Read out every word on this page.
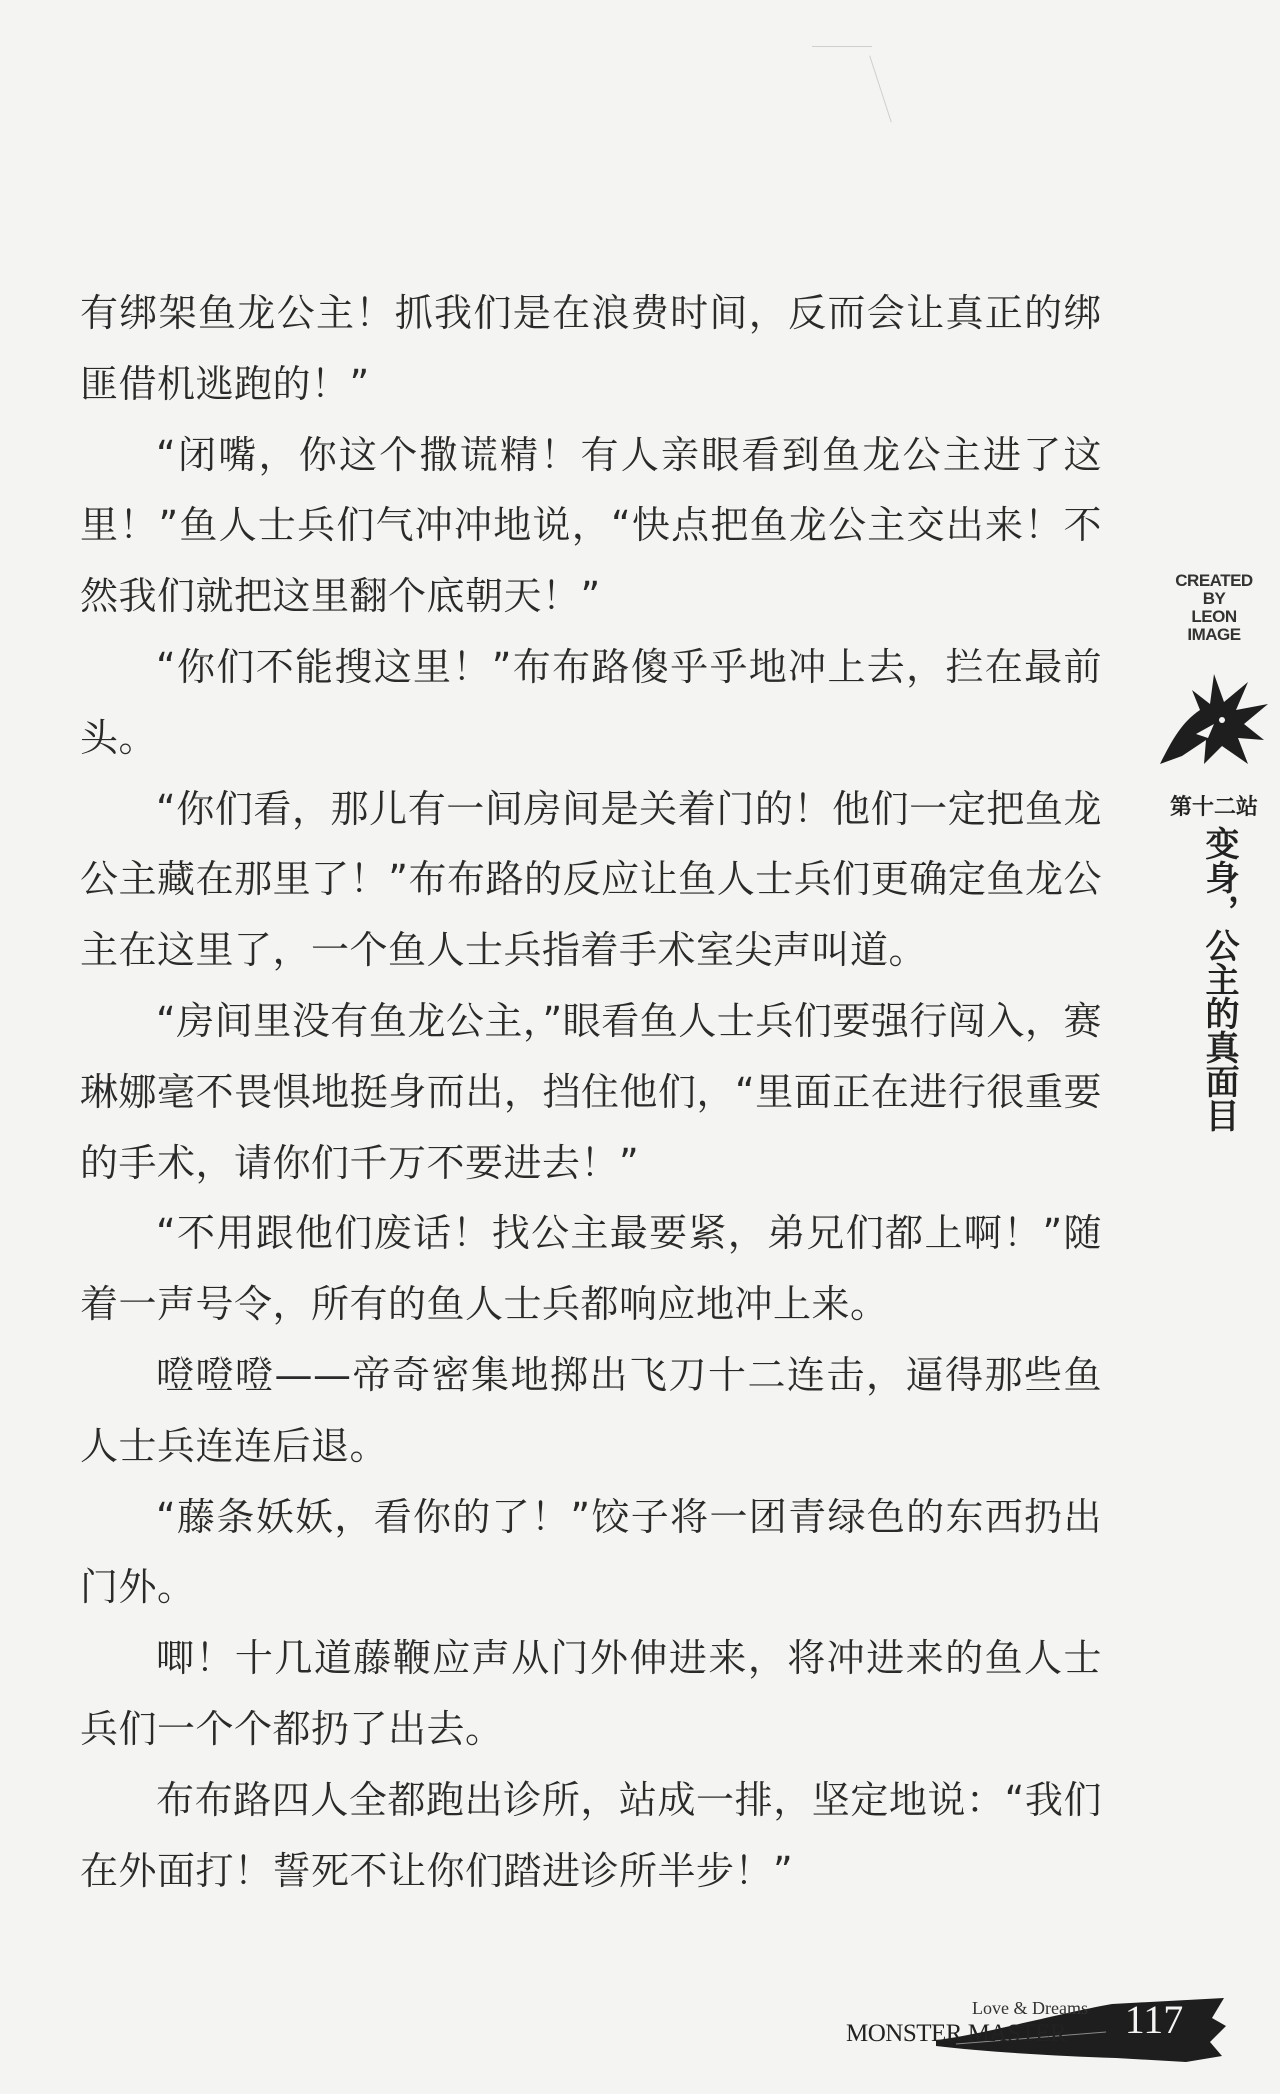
有绑架鱼龙公主！抓我们是在浪费时间，反而会让真正的绑匪借机逃跑的！”

“闭嘴，你这个撒谎精！有人亲眼看到鱼龙公主进了这里！”鱼人士兵们气冲冲地说，“快点把鱼龙公主交出来！不然我们就把这里翻个底朝天！”

“你们不能搜这里！”布布路傻乎乎地冲上去，拦在最前头。

“你们看，那儿有一间房间是关着门的！他们一定把鱼龙公主藏在那里了！”布布路的反应让鱼人士兵们更确定鱼龙公主在这里了，一个鱼人士兵指着手术室尖声叫道。

“房间里没有鱼龙公主，”眼看鱼人士兵们要强行闯入，赛琳娜毫不畏惧地挺身而出，挡住他们，“里面正在进行很重要的手术，请你们千万不要进去！”

“不用跟他们废话！找公主最要紧，弟兄们都上啊！”随着一声号令，所有的鱼人士兵都响应地冲上来。

噔噔噔——帝奇密集地掷出飞刀十二连击，逼得那些鱼人士兵连连后退。

“藤条妖妖，看你的了！”饺子将一团青绿色的东西扔出门外。

唧！十几道藤鞭应声从门外伸进来，将冲进来的鱼人士兵们一个个都扔了出去。

布布路四人全都跑出诊所，站成一排，坚定地说：“我们在外面打！誓死不让你们踏进诊所半步！”

CREATED
BY
LEON
IMAGE
第十二站
变身，公主的真面目
Love & Dreams
MONSTER MASTER 117
